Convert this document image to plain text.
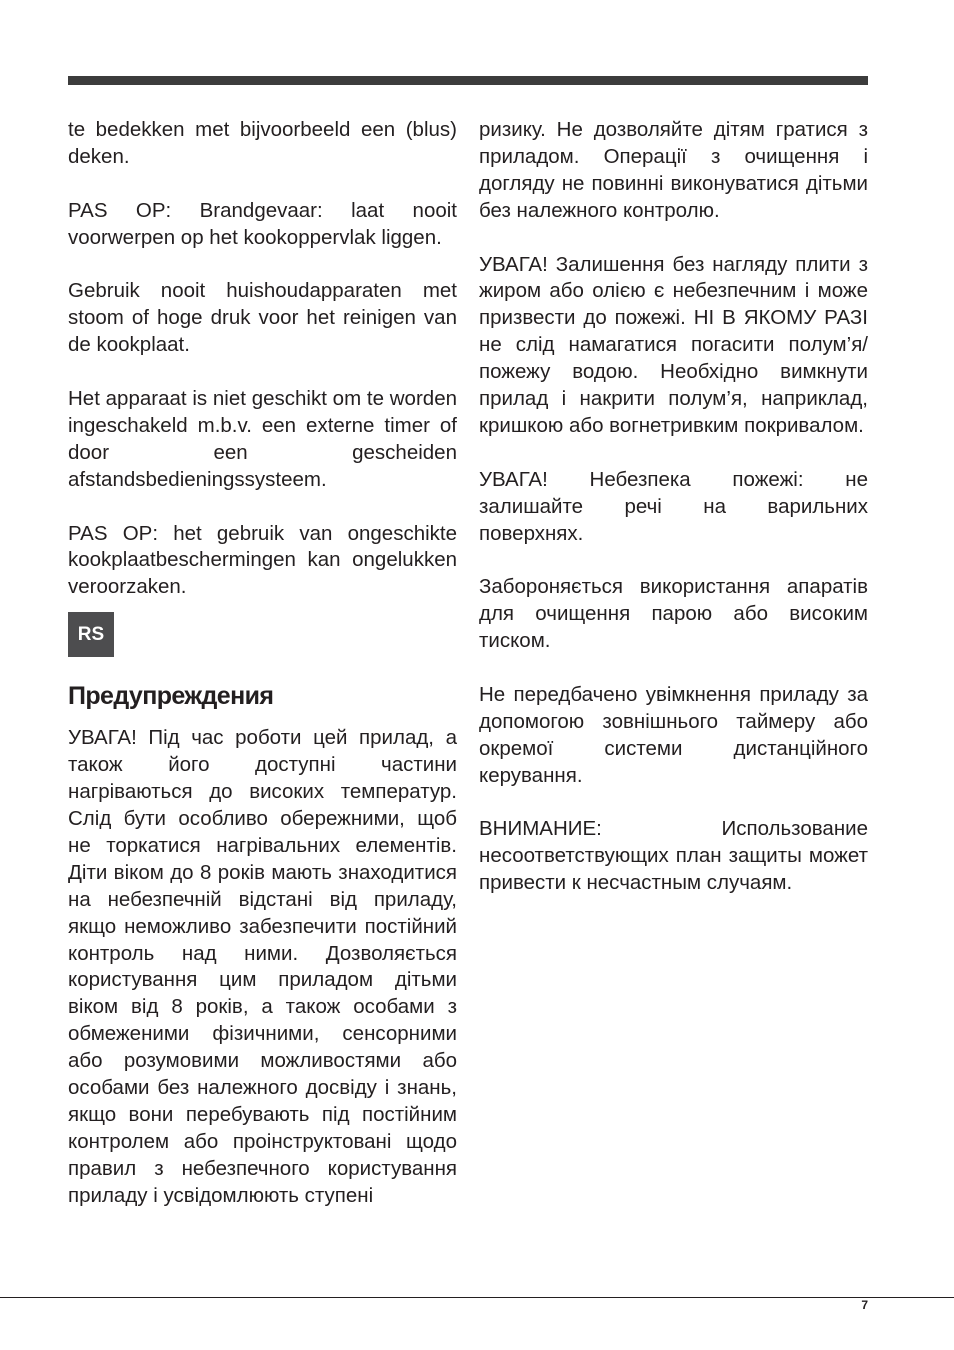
te bedekken met bijvoorbeeld een (blus) deken.

PAS OP: Brandgevaar: laat nooit voorwerpen op het kookoppervlak liggen.

Gebruik nooit huishoudapparaten met stoom of hoge druk voor het reinigen van de kookplaat.

Het apparaat is niet geschikt om te worden ingeschakeld m.b.v. een externe timer of door een gescheiden afstandsbedieningssysteem.

PAS OP: het gebruik van ongeschikte kookplaatbeschermingen kan ongelukken veroorzaken.

RS
Предупреждения

УВАГА! Під час роботи цей прилад, а також його доступні частини нагріваються до високих температур. Слід бути особливо обережними, щоб не торкатися нагрівальних елементів. Діти віком до 8 років мають знаходитися на небезпечній відстані від приладу, якщо неможливо забезпечити постійний контроль над ними. Дозволяється користування цим приладом дітьми віком від 8 років, а також особами з обмеженими фізичними, сенсорними або розумовими можливостями або особами без належного досвіду і знань, якщо вони перебувають під постійним контролем або проінструктовані щодо правил з небезпечного користування приладу і усвідомлюють ступені

ризику. Не дозволяйте дітям гратися з приладом. Операції з очищення і догляду не повинні виконуватися дітьми без належного контролю.

УВАГА! Залишення без нагляду плити з жиром або олією є небезпечним і може призвести до пожежі. НІ В ЯКОМУ РАЗІ не слід намагатися погасити полум’я/пожежу водою. Необхідно вимкнути прилад і накрити полум’я, наприклад, кришкою або вогнетривким покривалом.

УВАГА! Небезпека пожежі: не залишайте речі на варильних поверхнях.

Забороняється використання апаратів для очищення парою або високим тиском.

Не передбачено увімкнення приладу за допомогою зовнішнього таймеру або окремої системи дистанційного керування.

ВНИМАНИЕ: Использование несоответствующих план защиты может привести к несчастным случаям.

7
